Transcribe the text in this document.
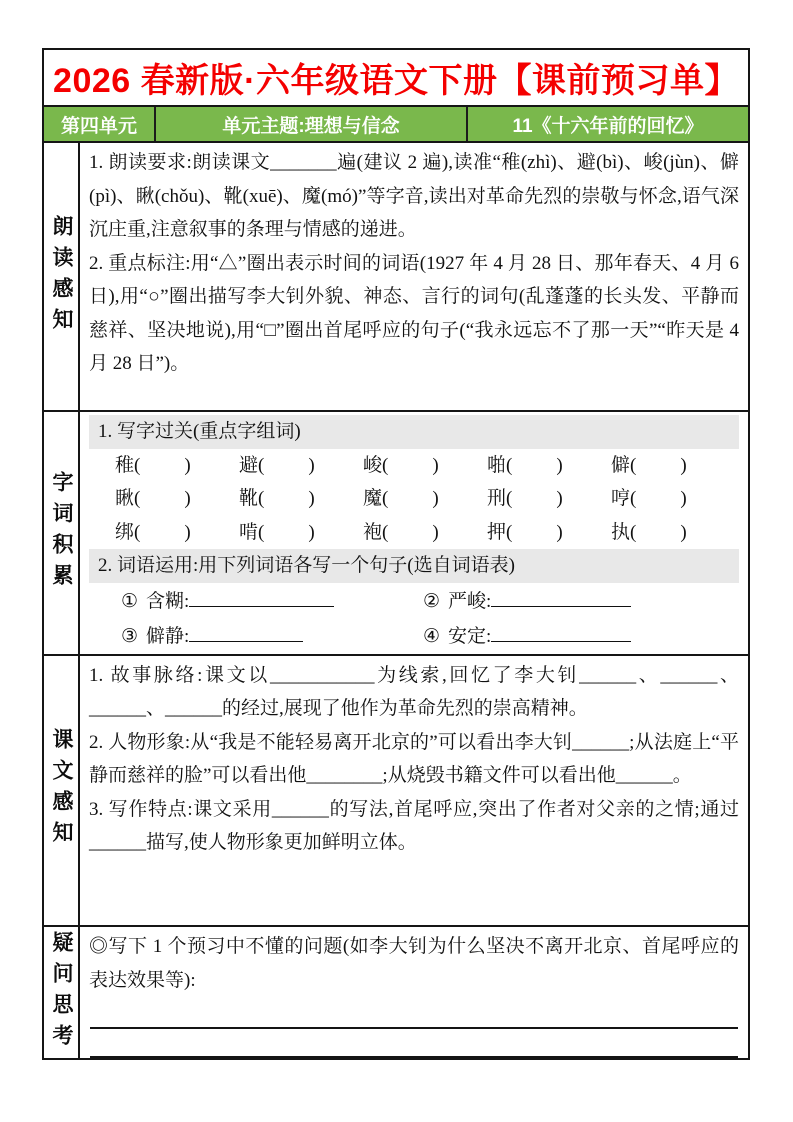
2026 春新版·六年级语文下册【课前预习单】
第四单元	单元主题:理想与信念	11《十六年前的回忆》
朗读感知

1. 朗读要求:朗读课文_______遍(建议 2 遍),读准“稚(zhì)、避(bì)、峻(jùn)、僻(pì)、瞅(chǒu)、靴(xuē)、魔(mó)”等字音,读出对革命先烈的崇敬与怀念,语气深沉庄重,注意叙事的条理与情感的递进。

2. 重点标注:用“△”圈出表示时间的词语(1927 年 4 月 28 日、那年春天、4 月 6 日),用“○”圈出描写李大钊外貌、神态、言行的词句(乱蓬蓬的长头发、平静而慈祥、坚决地说),用“□”圈出首尾呼应的句子(“我永远忘不了那一天”“昨天是 4 月 28 日”)。

字词积累

1. 写字过关(重点字组词)

稚( )	避( )	峻( )	啪( )	僻( )
瞅( )	靴( )	魔( )	刑( )	哼( )
绑( )	啃( )	袍( )	押( )	执( )

2. 词语运用:用下列词语各写一个句子(选自词语表)

① 含糊:	② 严峻:
③ 僻静:	④ 安定:
课文感知

1. 故事脉络:课文以___________为线索,回忆了李大钊______、______、______、______的经过,展现了他作为革命先烈的崇高精神。

2. 人物形象:从“我是不能轻易离开北京的”可以看出李大钊______;从法庭上“平静而慈祥的脸”可以看出他________;从烧毁书籍文件可以看出他______。

3. 写作特点:课文采用______的写法,首尾呼应,突出了作者对父亲的之情;通过______描写,使人物形象更加鲜明立体。

疑问思考 ◎写下 1 个预习中不懂的问题(如李大钊为什么坚决不离开北京、首尾呼应的表达效果等):
